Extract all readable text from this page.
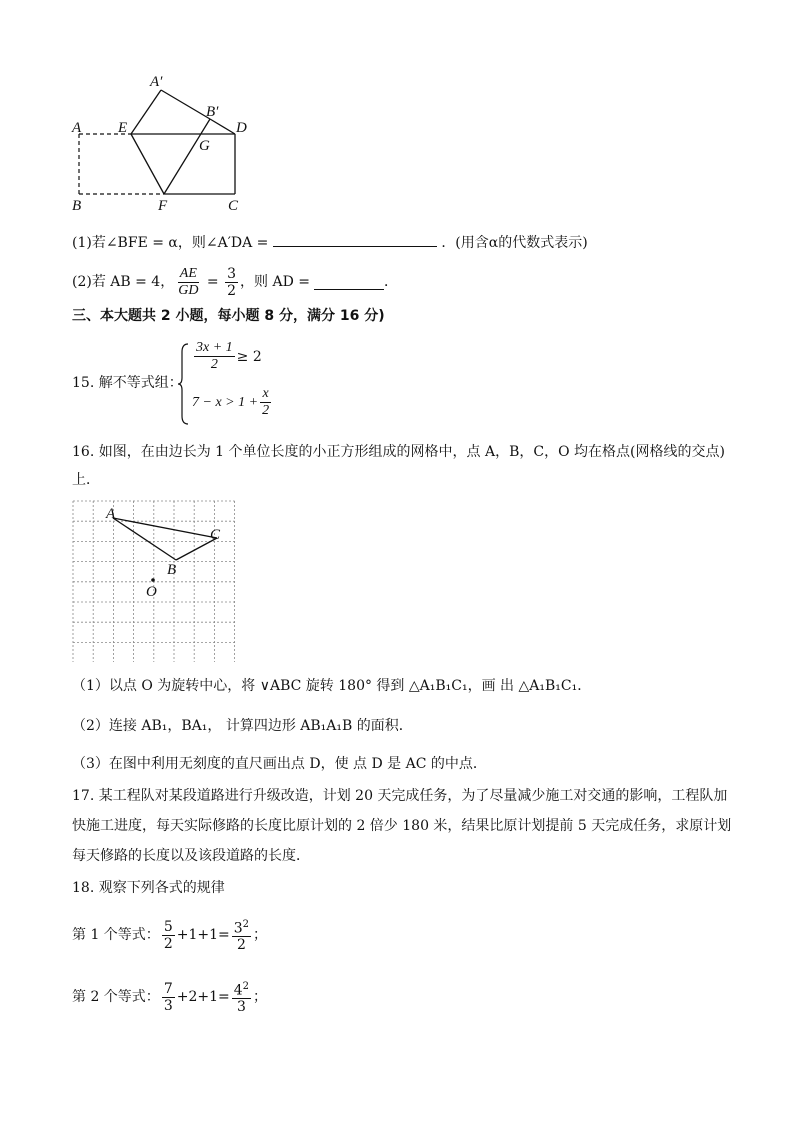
A′
B′
A E	D
G
B	F	C
(1)若∠BFE = α，则∠A′DA =	．(用含α的代数式表示)
(2)若 AB = 4， $\frac{AE}{GD} = \frac{3}{2}$ ，则 AD =	．
三、本大题共 2 小题，每小题 8 分，满分 16 分)
15. 解不等式组：
$\frac{3x + 1}{2} \ge 2$
$7 - x > 1 + \frac{x}{2}$
16. 如图，在由边长为 1 个单位长度的小正方形组成的网格中，点 A，B，C，O 均在格点(网格线的交点)
上．
A
C
B
O
（1）以点 O 为旋转中心，将 ∨ABC 旋转 180° 得到 △A₁B₁C₁，画 出 △A₁B₁C₁．
（2）连接 AB₁，BA₁， 计算四边形 AB₁A₁B 的面积．
（3）在图中利用无刻度的直尺画出点 D，使 点 D 是 AC 的中点．
17. 某工程队对某段道路进行升级改造，计划 20 天完成任务，为了尽量减少施工对交通的影响，工程队加
快施工进度，每天实际修路的长度比原计划的 2 倍少 180 米，结果比原计划提前 5 天完成任务，求原计划
每天修路的长度以及该段道路的长度．
18. 观察下列各式的规律
第 1 个等式： $\frac{5}{2} +1+1= \frac{3^2}{2}$ ；
第 2 个等式： $\frac{7}{3} +2+1= \frac{4^2}{3}$ ；
